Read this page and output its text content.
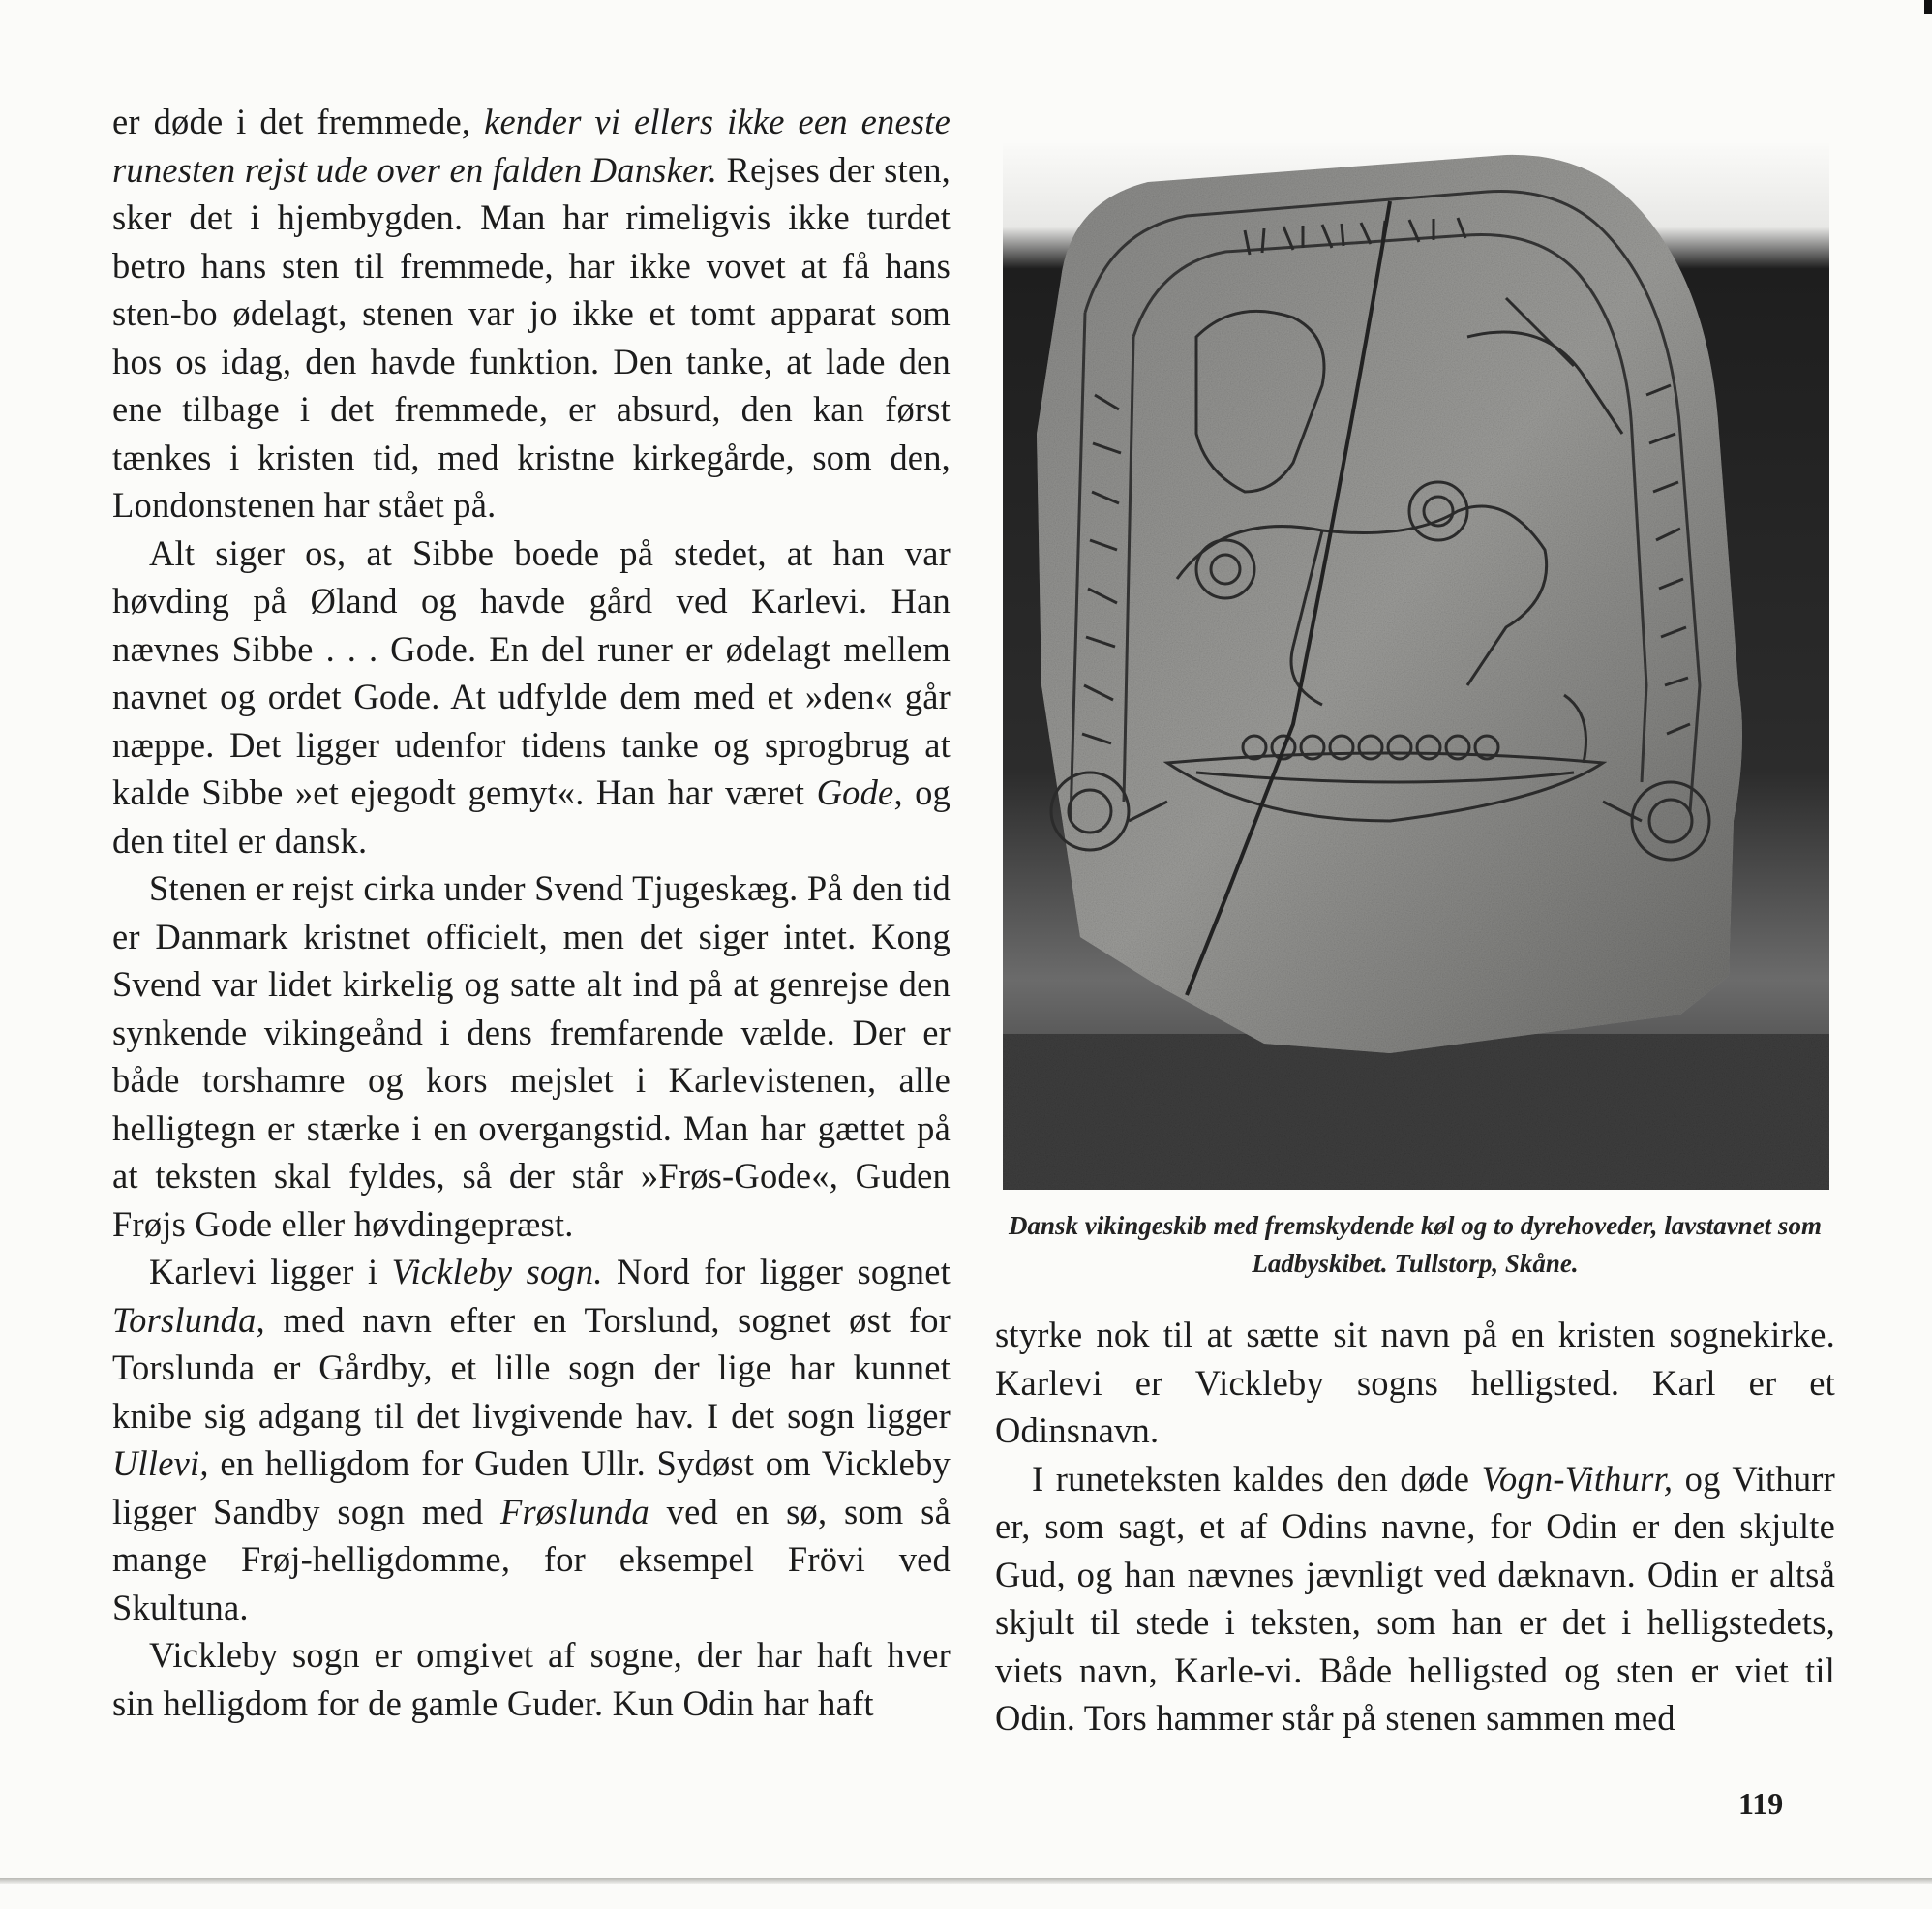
er døde i det fremmede, kender vi ellers ikke een eneste runesten rejst ude over en falden Dansker. Rejses der sten, sker det i hjembygden. Man har rimeligvis ikke turdet betro hans sten til fremmede, har ikke vovet at få hans sten-bo ødelagt, stenen var jo ikke et tomt apparat som hos os idag, den havde funktion. Den tanke, at lade den ene tilbage i det fremmede, er absurd, den kan først tænkes i kristen tid, med kristne kirkegårde, som den, Londonstenen har stået på.

Alt siger os, at Sibbe boede på stedet, at han var høvding på Øland og havde gård ved Karlevi. Han nævnes Sibbe . . . Gode. En del runer er ødelagt mellem navnet og ordet Gode. At udfylde dem med et »den« går næppe. Det ligger udenfor tidens tanke og sprogbrug at kalde Sibbe »et ejegodt gemyt«. Han har været Gode, og den titel er dansk.

Stenen er rejst cirka under Svend Tjugeskæg. På den tid er Danmark kristnet officielt, men det siger intet. Kong Svend var lidet kirkelig og satte alt ind på at genrejse den synkende vikingeånd i dens fremfarende vælde. Der er både torshamre og kors mejslet i Karlevistenen, alle helligtegn er stærke i en overgangstid. Man har gættet på at teksten skal fyldes, så der står »Frøs-Gode«, Guden Frøjs Gode eller høvdingepræst.

Karlevi ligger i Vickleby sogn. Nord for ligger sognet Torslunda, med navn efter en Torslund, sognet øst for Torslunda er Gårdby, et lille sogn der lige har kunnet knibe sig adgang til det livgivende hav. I det sogn ligger Ullevi, en helligdom for Guden Ullr. Sydøst om Vickleby ligger Sandby sogn med Frøslunda ved en sø, som så mange Frøj-helligdomme, for eksempel Frövi ved Skultuna.

Vickleby sogn er omgivet af sogne, der har haft hver sin helligdom for de gamle Guder. Kun Odin har haft

Dansk vikingeskib med fremskydende køl og to dyrehoveder, lavstavnet som Ladbyskibet. Tullstorp, Skåne.

styrke nok til at sætte sit navn på en kristen sognekirke. Karlevi er Vickleby sogns helligsted. Karl er et Odinsnavn.

I runeteksten kaldes den døde Vogn-Vithurr, og Vithurr er, som sagt, et af Odins navne, for Odin er den skjulte Gud, og han nævnes jævnligt ved dæknavn. Odin er altså skjult til stede i teksten, som han er det i helligstedets, viets navn, Karle-vi. Både helligsted og sten er viet til Odin. Tors hammer står på stenen sammen med

119
